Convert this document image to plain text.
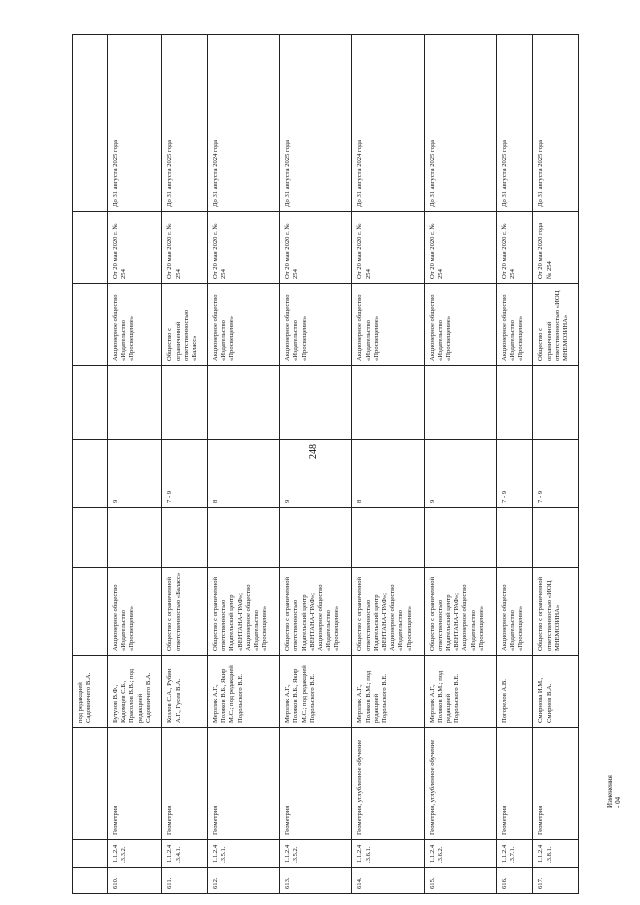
248
			под редакцией Садовничего В.А.							
610.	1.1.2.4.3.3.2.	Геометрия	Бутузов В.Ф., Кадомцев С.Б., Прасолов В.В.; под редакцией Садовничего В.А.	Акционерное общество «Издательство «Просвещение»		9		Акционерное общество «Издательство «Просвещение»	От 20 мая 2020 г. № 254	До 31 августа 2025 года
611.	1.1.2.4.3.4.1.	Геометрия	Козлов С.А., Рубин А.Г., Гусев В.А.	Общество с ограниченной ответственностью «Баласс»		7 - 9		Общество с ограниченной ответственностью «Баласс»	От 20 мая 2020 г. № 254	До 31 августа 2025 года
612.	1.1.2.4.3.5.1.	Геометрия	Мерзляк А.Г., Поляков В.Б., Якир М.С.; под редакцией Подольского В.Е.	Общество с ограниченной ответственностью Издательский центр «ВЕНТАНА-ГРАФ»; Акционерное общество «Издательство «Просвещение»		8		Акционерное общество «Издательство «Просвещение»	От 20 мая 2020 г. № 254	До 31 августа 2024 года
613.	1.1.2.4.3.5.2.	Геометрия	Мерзляк А.Г., Поляков В.Б., Якир М.С.; под редакцией Подольского В.Е.	Общество с ограниченной ответственностью Издательский центр «ВЕНТАНА-ГРАФ»; Акционерное общество «Издательство «Просвещение»		9		Акционерное общество «Издательство «Просвещение»	От 20 мая 2020 г. № 254	До 31 августа 2025 года
614.	1.1.2.4.3.6.1.	Геометрия, углубленное обучение	Мерзляк А.Г., Поляков В.М.; под редакцией Подольского В.Е.	Общество с ограниченной ответственностью Издательский центр «ВЕНТАНА-ГРАФ»; Акционерное общество «Издательство «Просвещение»		8		Акционерное общество «Издательство «Просвещение»	От 20 мая 2020 г. № 254	До 31 августа 2024 года
615.	1.1.2.4.3.6.2.	Геометрия, углубленное обучение	Мерзляк А.Г., Поляков В.М.; под редакцией Подольского В.Е.	Общество с ограниченной ответственностью Издательский центр «ВЕНТАНА-ГРАФ»; Акционерное общество «Издательство «Просвещение»		9		Акционерное общество «Издательство «Просвещение»	От 20 мая 2020 г. № 254	До 31 августа 2025 года
616.	1.1.2.4.3.7.1.	Геометрия	Погорелов А.В.	Акционерное общество «Издательство «Просвещение»		7 - 9		Акционерное общество «Издательство «Просвещение»	От 20 мая 2020 г. № 254	До 31 августа 2025 года
617.	1.1.2.4.3.8.1.	Геометрия	Смирнова И.М., Смирнов В.А.	Общество с ограниченной ответственностью «ИОЦ МНЕМОЗИНА»		7 - 9		Общество с ограниченной ответственностью «ИОЦ МНЕМОЗИНА»	От 20 мая 2020 года № 254	До 31 августа 2025 года
Изменения - 04
